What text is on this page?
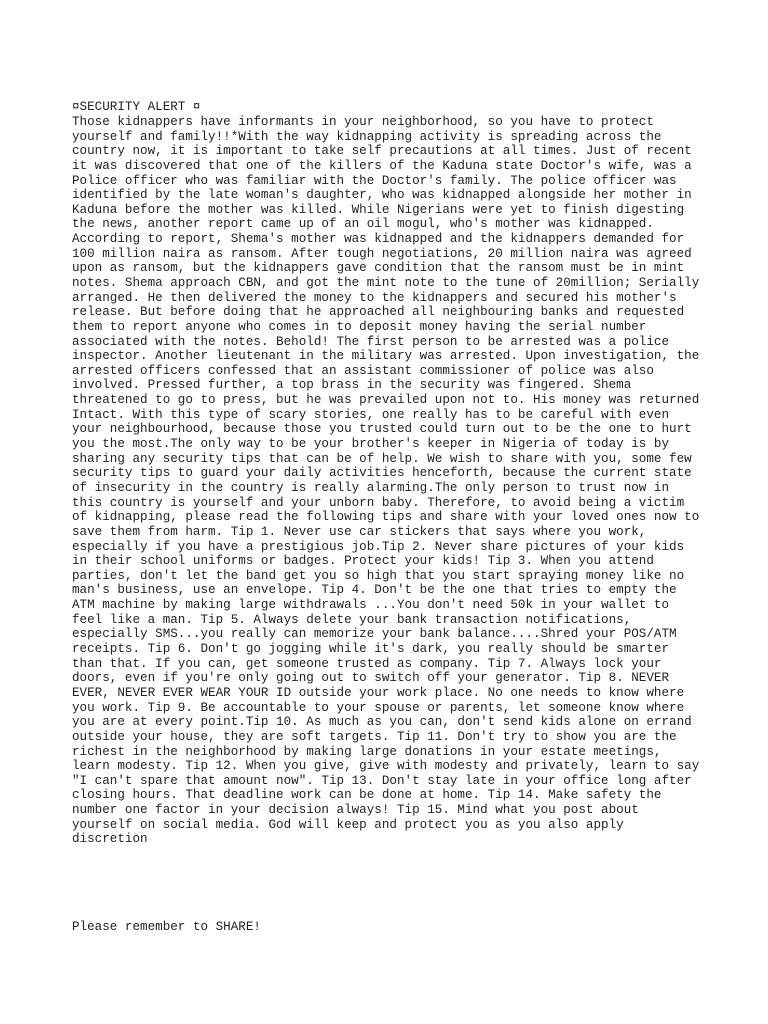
¤SECURITY ALERT ¤
Those kidnappers have informants in your neighborhood, so you have to protect
yourself and family!!*With the way kidnapping activity is spreading across the
country now, it is important to take self precautions at all times. Just of recent
it was discovered that one of the killers of the Kaduna state Doctor's wife, was a
Police officer who was familiar with the Doctor's family. The police officer was
identified by the late woman's daughter, who was kidnapped alongside her mother in
Kaduna before the mother was killed. While Nigerians were yet to finish digesting
the news, another report came up of an oil mogul, who's mother was kidnapped.
According to report, Shema's mother was kidnapped and the kidnappers demanded for
100 million naira as ransom. After tough negotiations, 20 million naira was agreed
upon as ransom, but the kidnappers gave condition that the ransom must be in mint
notes. Shema approach CBN, and got the mint note to the tune of 20million; Serially
arranged. He then delivered the money to the kidnappers and secured his mother's
release. But before doing that he approached all neighbouring banks and requested
them to report anyone who comes in to deposit money having the serial number
associated with the notes. Behold! The first person to be arrested was a police
inspector. Another lieutenant in the military was arrested. Upon investigation, the
arrested officers confessed that an assistant commissioner of police was also
involved. Pressed further, a top brass in the security was fingered. Shema
threatened to go to press, but he was prevailed upon not to. His money was returned
Intact. With this type of scary stories, one really has to be careful with even
your neighbourhood, because those you trusted could turn out to be the one to hurt
you the most.The only way to be your brother's keeper in Nigeria of today is by
sharing any security tips that can be of help. We wish to share with you, some few
security tips to guard your daily activities henceforth, because the current state
of insecurity in the country is really alarming.The only person to trust now in
this country is yourself and your unborn baby. Therefore, to avoid being a victim
of kidnapping, please read the following tips and share with your loved ones now to
save them from harm. Tip 1. Never use car stickers that says where you work,
especially if you have a prestigious job.Tip 2. Never share pictures of your kids
in their school uniforms or badges. Protect your kids! Tip 3. When you attend
parties, don't let the band get you so high that you start spraying money like no
man's business, use an envelope. Tip 4. Don't be the one that tries to empty the
ATM machine by making large withdrawals ...You don't need 50k in your wallet to
feel like a man. Tip 5. Always delete your bank transaction notifications,
especially SMS...you really can memorize your bank balance....Shred your POS/ATM
receipts. Tip 6. Don't go jogging while it's dark, you really should be smarter
than that. If you can, get someone trusted as company. Tip 7. Always lock your
doors, even if you're only going out to switch off your generator. Tip 8. NEVER
EVER, NEVER EVER WEAR YOUR ID outside your work place. No one needs to know where
you work. Tip 9. Be accountable to your spouse or parents, let someone know where
you are at every point.Tip 10. As much as you can, don't send kids alone on errand
outside your house, they are soft targets. Tip 11. Don't try to show you are the
richest in the neighborhood by making large donations in your estate meetings,
learn modesty. Tip 12. When you give, give with modesty and privately, learn to say
"I can't spare that amount now". Tip 13. Don't stay late in your office long after
closing hours. That deadline work can be done at home. Tip 14. Make safety the
number one factor in your decision always! Tip 15. Mind what you post about
yourself on social media. God will keep and protect you as you also apply
discretion

Please remember to SHARE!
